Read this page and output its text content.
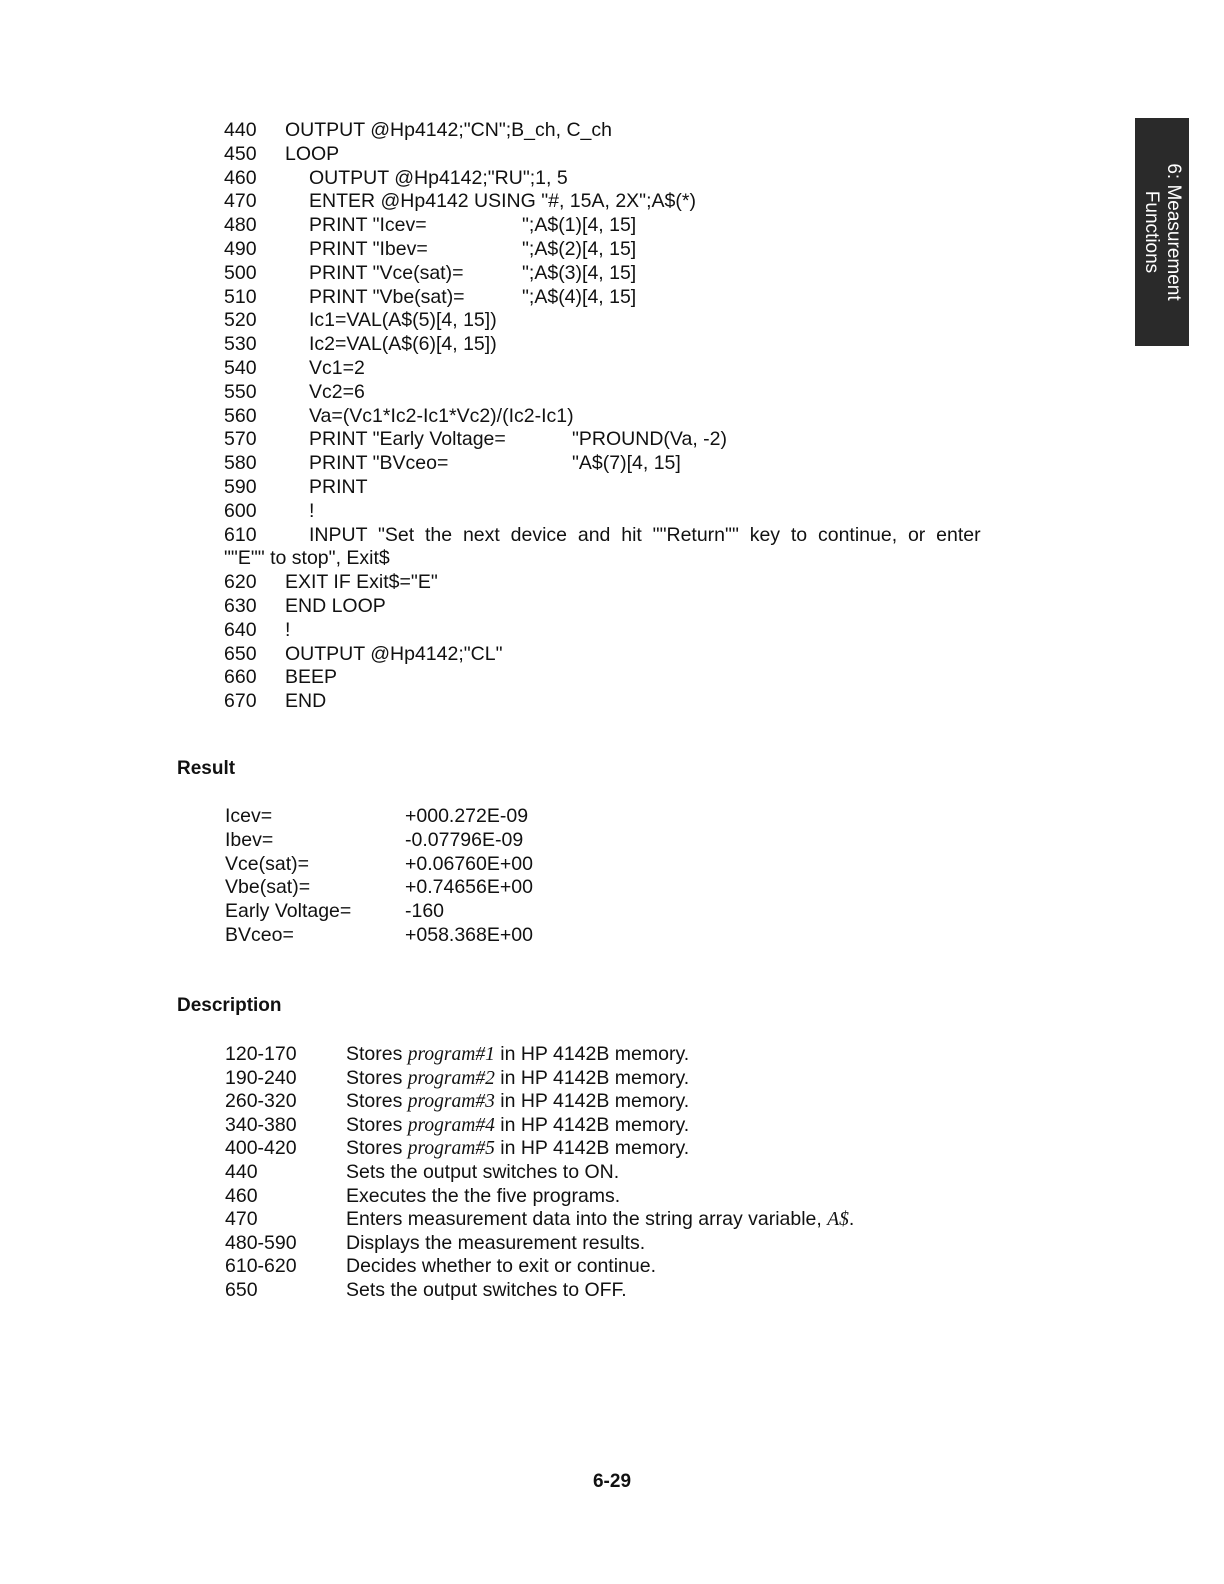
6: Measurement
Functions
440 OUTPUT @Hp4142;"CN";B_ch, C_ch
450 LOOP
460	OUTPUT @Hp4142;"RU";1, 5
470	ENTER @Hp4142 USING "#, 15A, 2X";A$(*)
480	PRINT "Icev=	";A$(1)[4, 15]
490	PRINT "Ibev=	";A$(2)[4, 15]
500	PRINT "Vce(sat)=	";A$(3)[4, 15]
510	PRINT "Vbe(sat)=	";A$(4)[4, 15]
520	Ic1=VAL(A$(5)[4, 15])
530	Ic2=VAL(A$(6)[4, 15])
540	Vc1=2
550	Vc2=6
560	Va=(Vc1*Ic2-Ic1*Vc2)/(Ic2-Ic1)
570	PRINT "Early Voltage=	"PROUND(Va, -2)
580	PRINT "BVceo=	"A$(7)[4, 15]
590	PRINT
600	!
610	INPUT  "Set  the  next  device  and  hit  ""Return""  key  to  continue,  or  enter
""E"" to stop", Exit$
620 EXIT IF Exit$="E"
630 END LOOP
640 !
650 OUTPUT @Hp4142;"CL"
660 BEEP
670 END
Result
Icev=	+000.272E-09
Ibev=	-0.07796E-09
Vce(sat)=	+0.06760E+00
Vbe(sat)=	+0.74656E+00
Early Voltage=	-160
BVceo=	+058.368E+00
Description
120-170	Stores program#1 in HP 4142B memory.
190-240	Stores program#2 in HP 4142B memory.
260-320	Stores program#3 in HP 4142B memory.
340-380	Stores program#4 in HP 4142B memory.
400-420	Stores program#5 in HP 4142B memory.
440	Sets the output switches to ON.
460	Executes the the five programs.
470	Enters measurement data into the string array variable, A$.
480-590	Displays the measurement results.
610-620	Decides whether to exit or continue.
650	Sets the output switches to OFF.
6-29
